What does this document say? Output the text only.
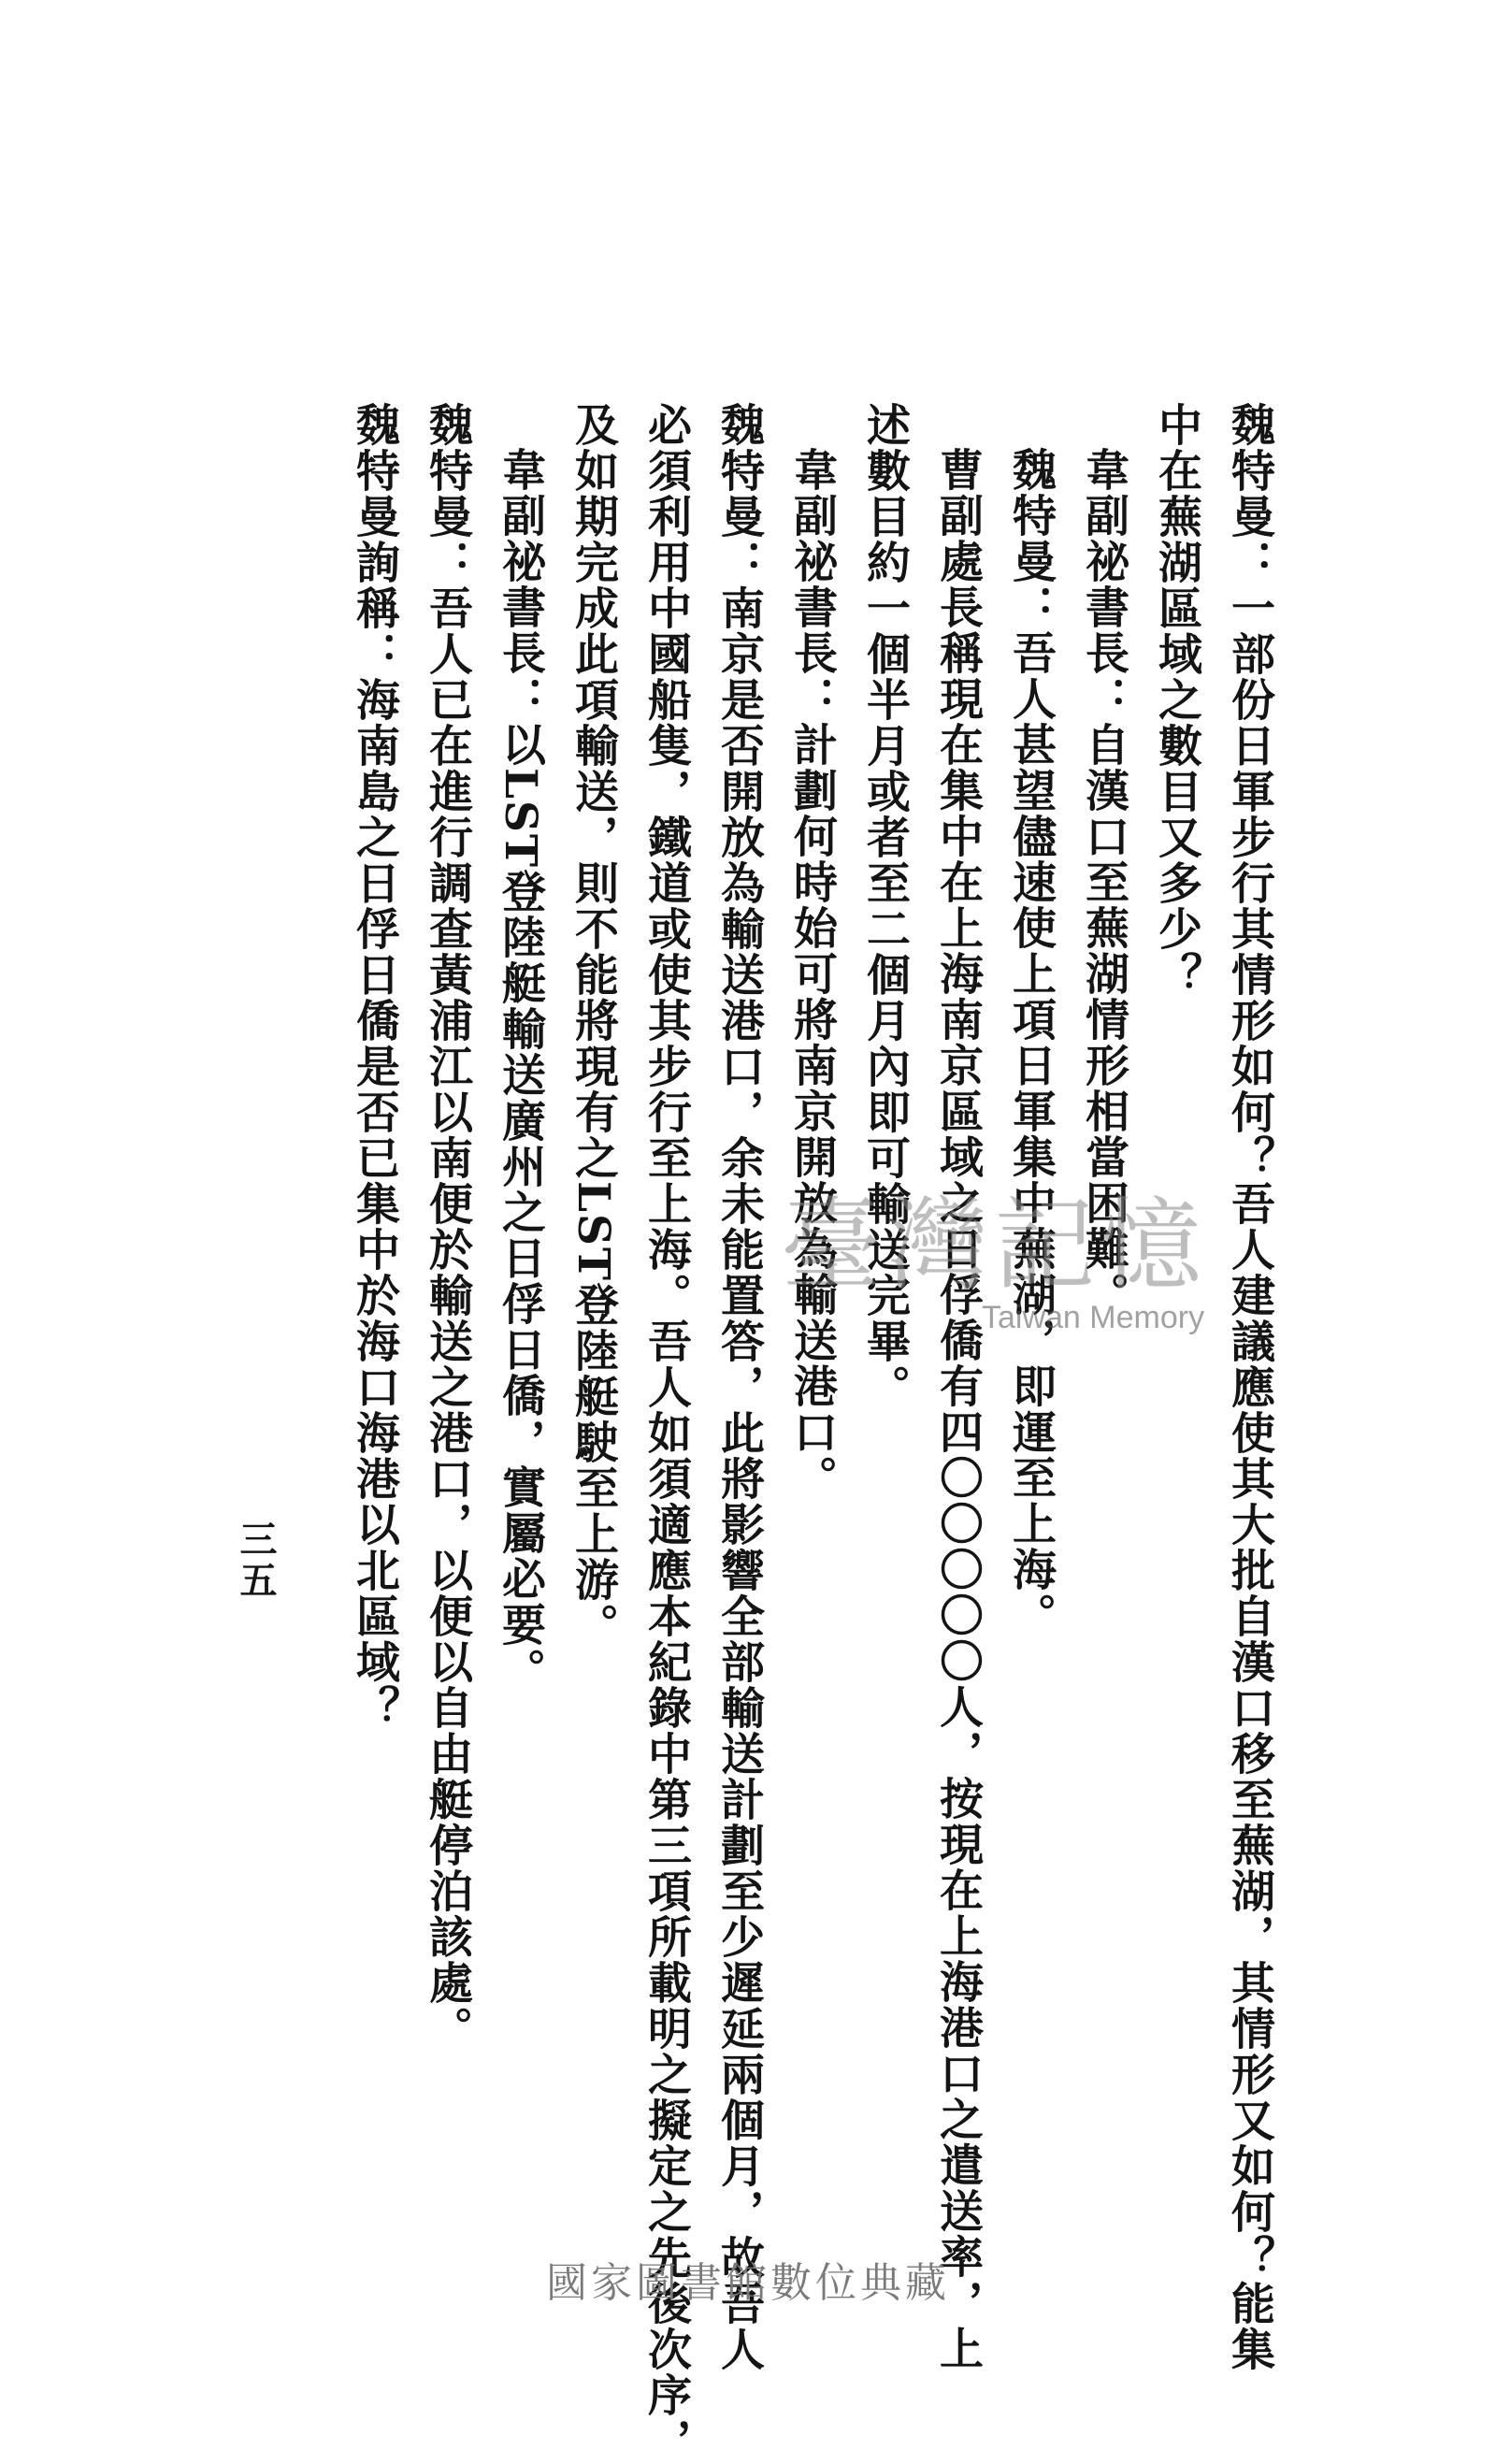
魏特曼：一部份日軍步行其情形如何？吾人建議應使其大批自漢口移至蕪湖，其情形又如何？能集
中在蕪湖區域之數目又多少？
韋副祕書長：自漢口至蕪湖情形相當困難。
魏特曼：吾人甚望儘速使上項日軍集中蕪湖，即運至上海。
曹副處長稱現在集中在上海南京區域之日俘僑有四〇〇〇〇〇人，按現在上海港口之遣送率，上
述數目約一個半月或者至二個月內即可輸送完畢。
韋副祕書長：計劃何時始可將南京開放為輸送港口。
魏特曼：南京是否開放為輸送港口，余未能置答，此將影響全部輸送計劃至少遲延兩個月，故吾人
必須利用中國船隻，鐵道或使其步行至上海。吾人如須適應本紀錄中第三項所載明之擬定之先後次序，
及如期完成此項輸送，則不能將現有之LST登陸艇駛至上游。
韋副祕書長：以LST登陸艇輸送廣州之日俘日僑，實屬必要。
魏特曼：吾人已在進行調查黃浦江以南便於輸送之港口，以便以自由艇停泊該處。
魏特曼詢稱：海南島之日俘日僑是否已集中於海口海港以北區域？
三五
臺灣記憶
Taiwan Memory
國家圖書館數位典藏
